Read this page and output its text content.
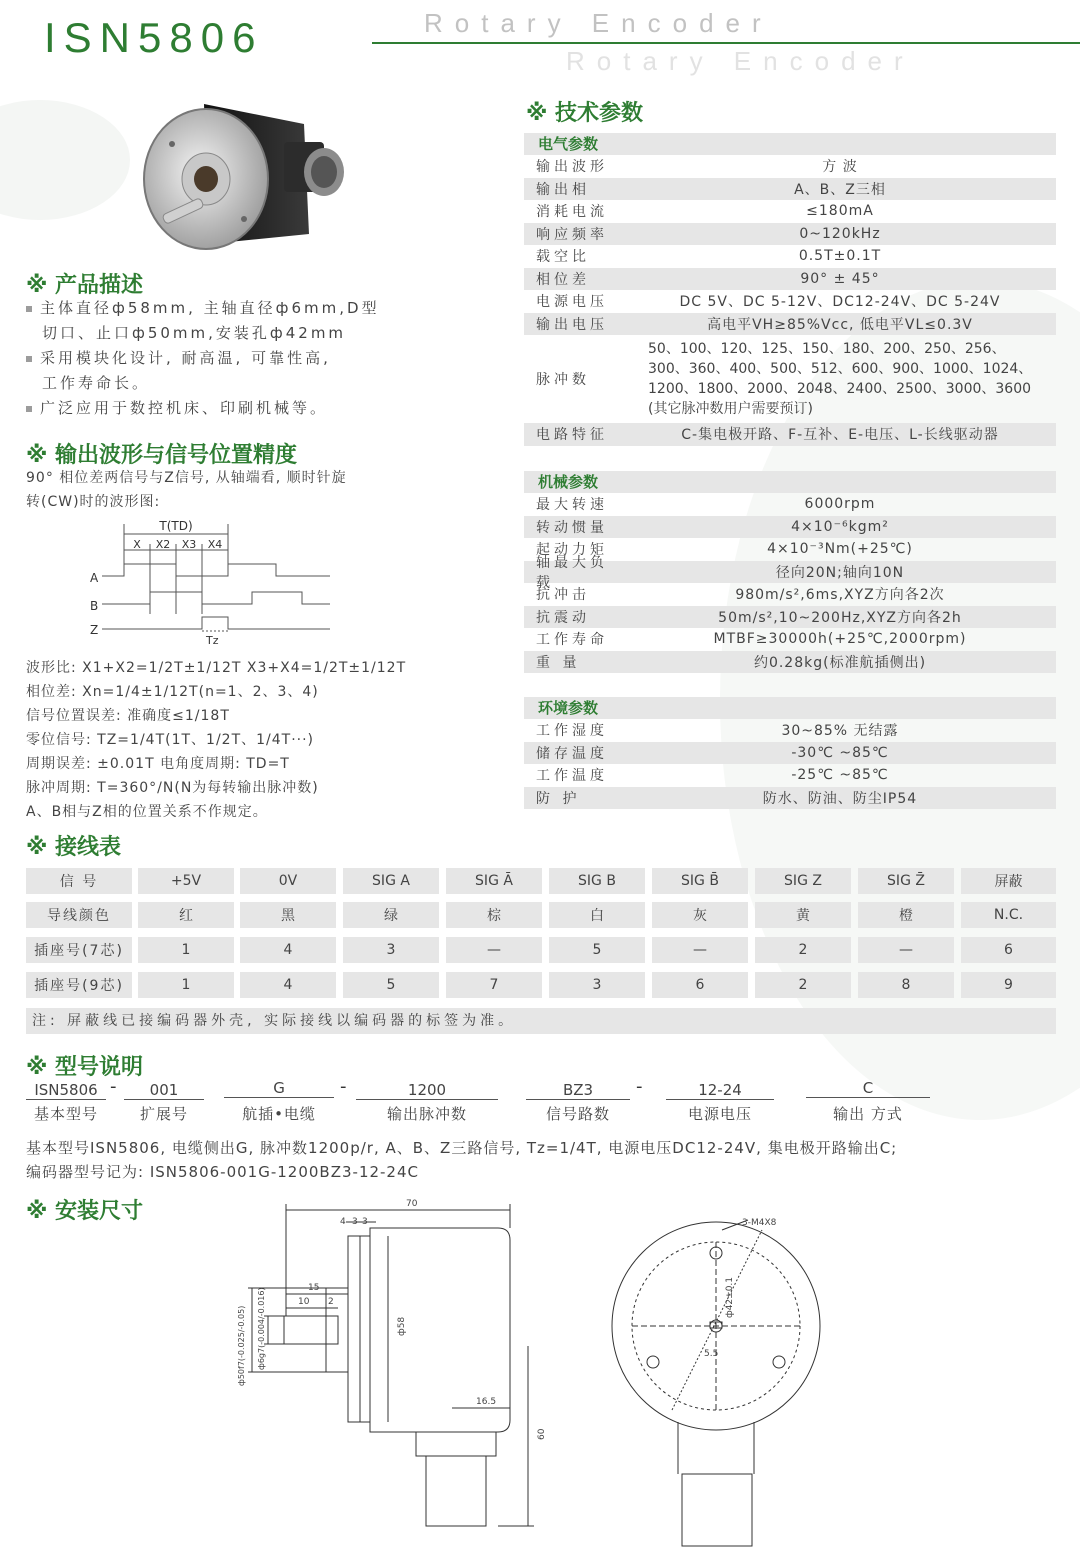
ISN5806	Rotary Encoder
Rotary Encoder
※ 产品描述
主体直径ф58mm, 主轴直径ф6mm,D型
切口、止口ф50mm,安装孔ф42mm
采用模块化设计, 耐高温, 可靠性高,
工作寿命长。
广泛应用于数控机床、印刷机械等。
※ 输出波形与信号位置精度
90° 相位差两信号与Z信号, 从轴端看, 顺时针旋
转(CW)时的波形图:
T(TD)
X X2 X3 X4
A
B
Z
Tz
波形比: X1+X2=1/2T±1/12T X3+X4=1/2T±1/12T
相位差: Xn=1/4±1/12T(n=1、2、3、4)
信号位置误差: 准确度≤1/18T
零位信号: TZ=1/4T(1T、1/2T、1/4T···)
周期误差: ±0.01T 电角度周期: TD=T
脉冲周期: T=360°/N(N为每转输出脉冲数)
A、B相与Z相的位置关系不作规定。
※ 技术参数
电气参数
输出波形	方 波
输出相	A、B、Z三相
消耗电流	≤180mA
响应频率	0~120kHz
载空比	0.5T±0.1T
相位差	90° ± 45°
电源电压	DC 5V、DC 5-12V、DC12-24V、DC 5-24V
输出电压	高电平VH≥85%Vcc, 低电平VL≤0.3V
脉冲数
50、100、120、125、150、180、200、250、256、
300、360、400、500、512、600、900、1000、1024、
1200、1800、2000、2048、2400、2500、3000、3600
(其它脉冲数用户需要预订)
电路特征	C-集电极开路、F-互补、E-电压、L-长线驱动器
机械参数
最大转速	6000rpm
转动惯量	4×10⁻⁶kgm²
起动力矩	4×10⁻³Nm(+25℃)
轴最大负载
径向20N;轴向10N
抗冲击	980m/s²,6ms,XYZ方向各2次
抗震动	50m/s²,10~200Hz,XYZ方向各2h
工作寿命	MTBF≥30000h(+25℃,2000rpm)
重 量	约0.28kg(标准航插侧出)
环境参数
工作湿度	30~85% 无结露
储存温度	-30℃ ~85℃
工作温度	-25℃ ~85℃
防 护	防水、防油、防尘IP54
※ 接线表
信 号	+5V	0V	SIG A	SIG Ā	SIG B	SIG B̄	SIG Z	SIG Z̄	屏蔽
导线颜色	红	黑	绿	棕	白	灰	黄	橙	N.C.
插座号(7芯)	1	4	3	—	5	—	2	—	6
插座号(9芯)	1	4	5	7	3	6	2	8	9
注: 屏蔽线已接编码器外壳, 实际接线以编码器的标签为准。
※ 型号说明
ISN5806 -	001	G	-	1200	BZ3	-	12-24	C
基本型号	扩展号	航插•电缆	输出脉冲数	信号路数	电源电压	输出 方式
基本型号ISN5806, 电缆侧出G, 脉冲数1200p/r, A、B、Z三路信号, Tz=1/4T, 电源电压DC12-24V, 集电极开路输出C;
编码器型号记为: ISN5806-001G-1200BZ3-12-24C
※ 安装尺寸	70
4 3 3
15
10 2
16.5
ф58
ф50f7(-0.025/-0.05) ф6g7(-0.004/-0.016)
60
3-M4X8
ф42±0.1
5.5
